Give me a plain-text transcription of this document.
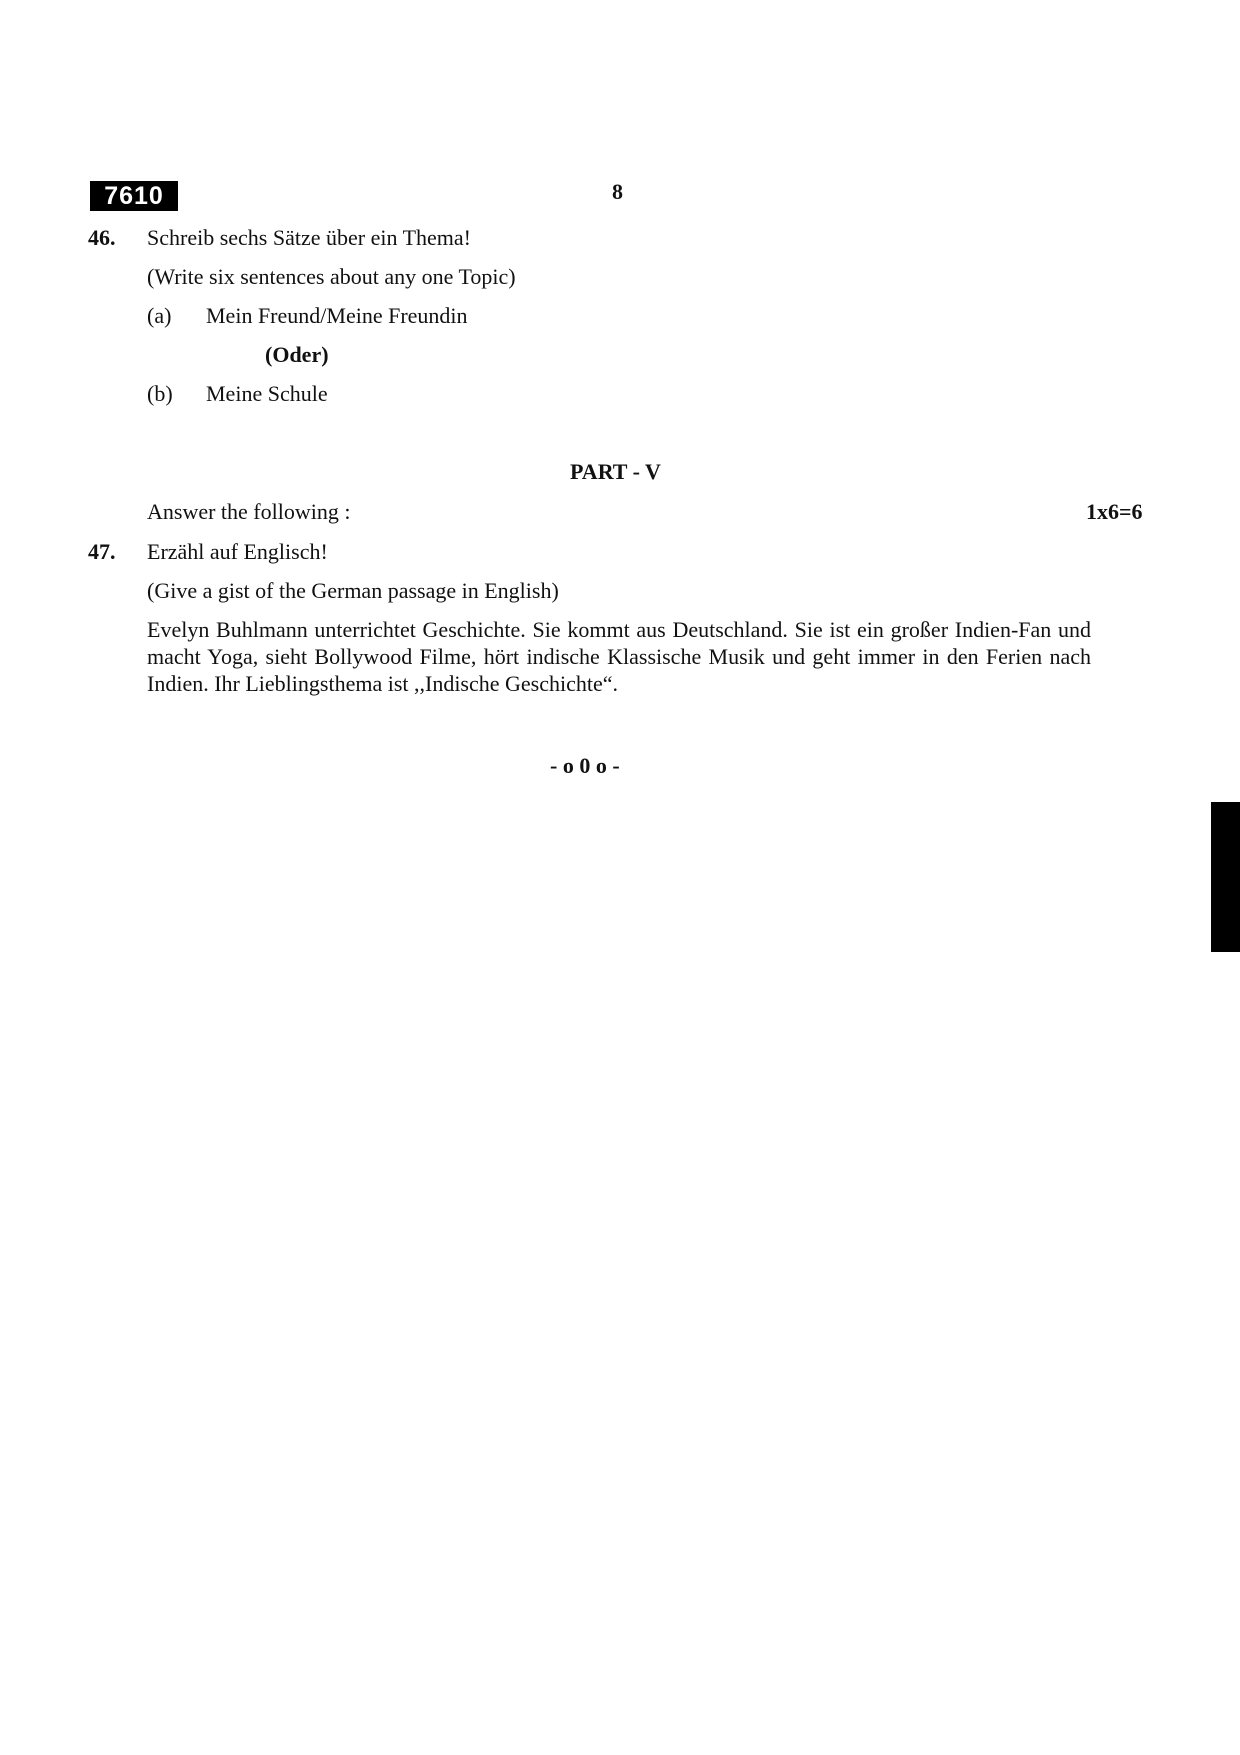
7610	8
46. Schreib sechs Sätze über ein Thema!
(Write six sentences about any one Topic)
(a) Mein Freund/Meine Freundin
(Oder)
(b) Meine Schule
PART - V
Answer the following :	1x6=6
47. Erzähl auf Englisch!
(Give a gist of the German passage in English)
Evelyn Buhlmann unterrichtet Geschichte. Sie kommt aus Deutschland. Sie ist ein großer Indien-Fan und macht Yoga, sieht Bollywood Filme, hört indische Klassische Musik und geht immer in den Ferien nach Indien. Ihr Lieblingsthema ist ,,Indische Geschichte“.
- o 0 o -
